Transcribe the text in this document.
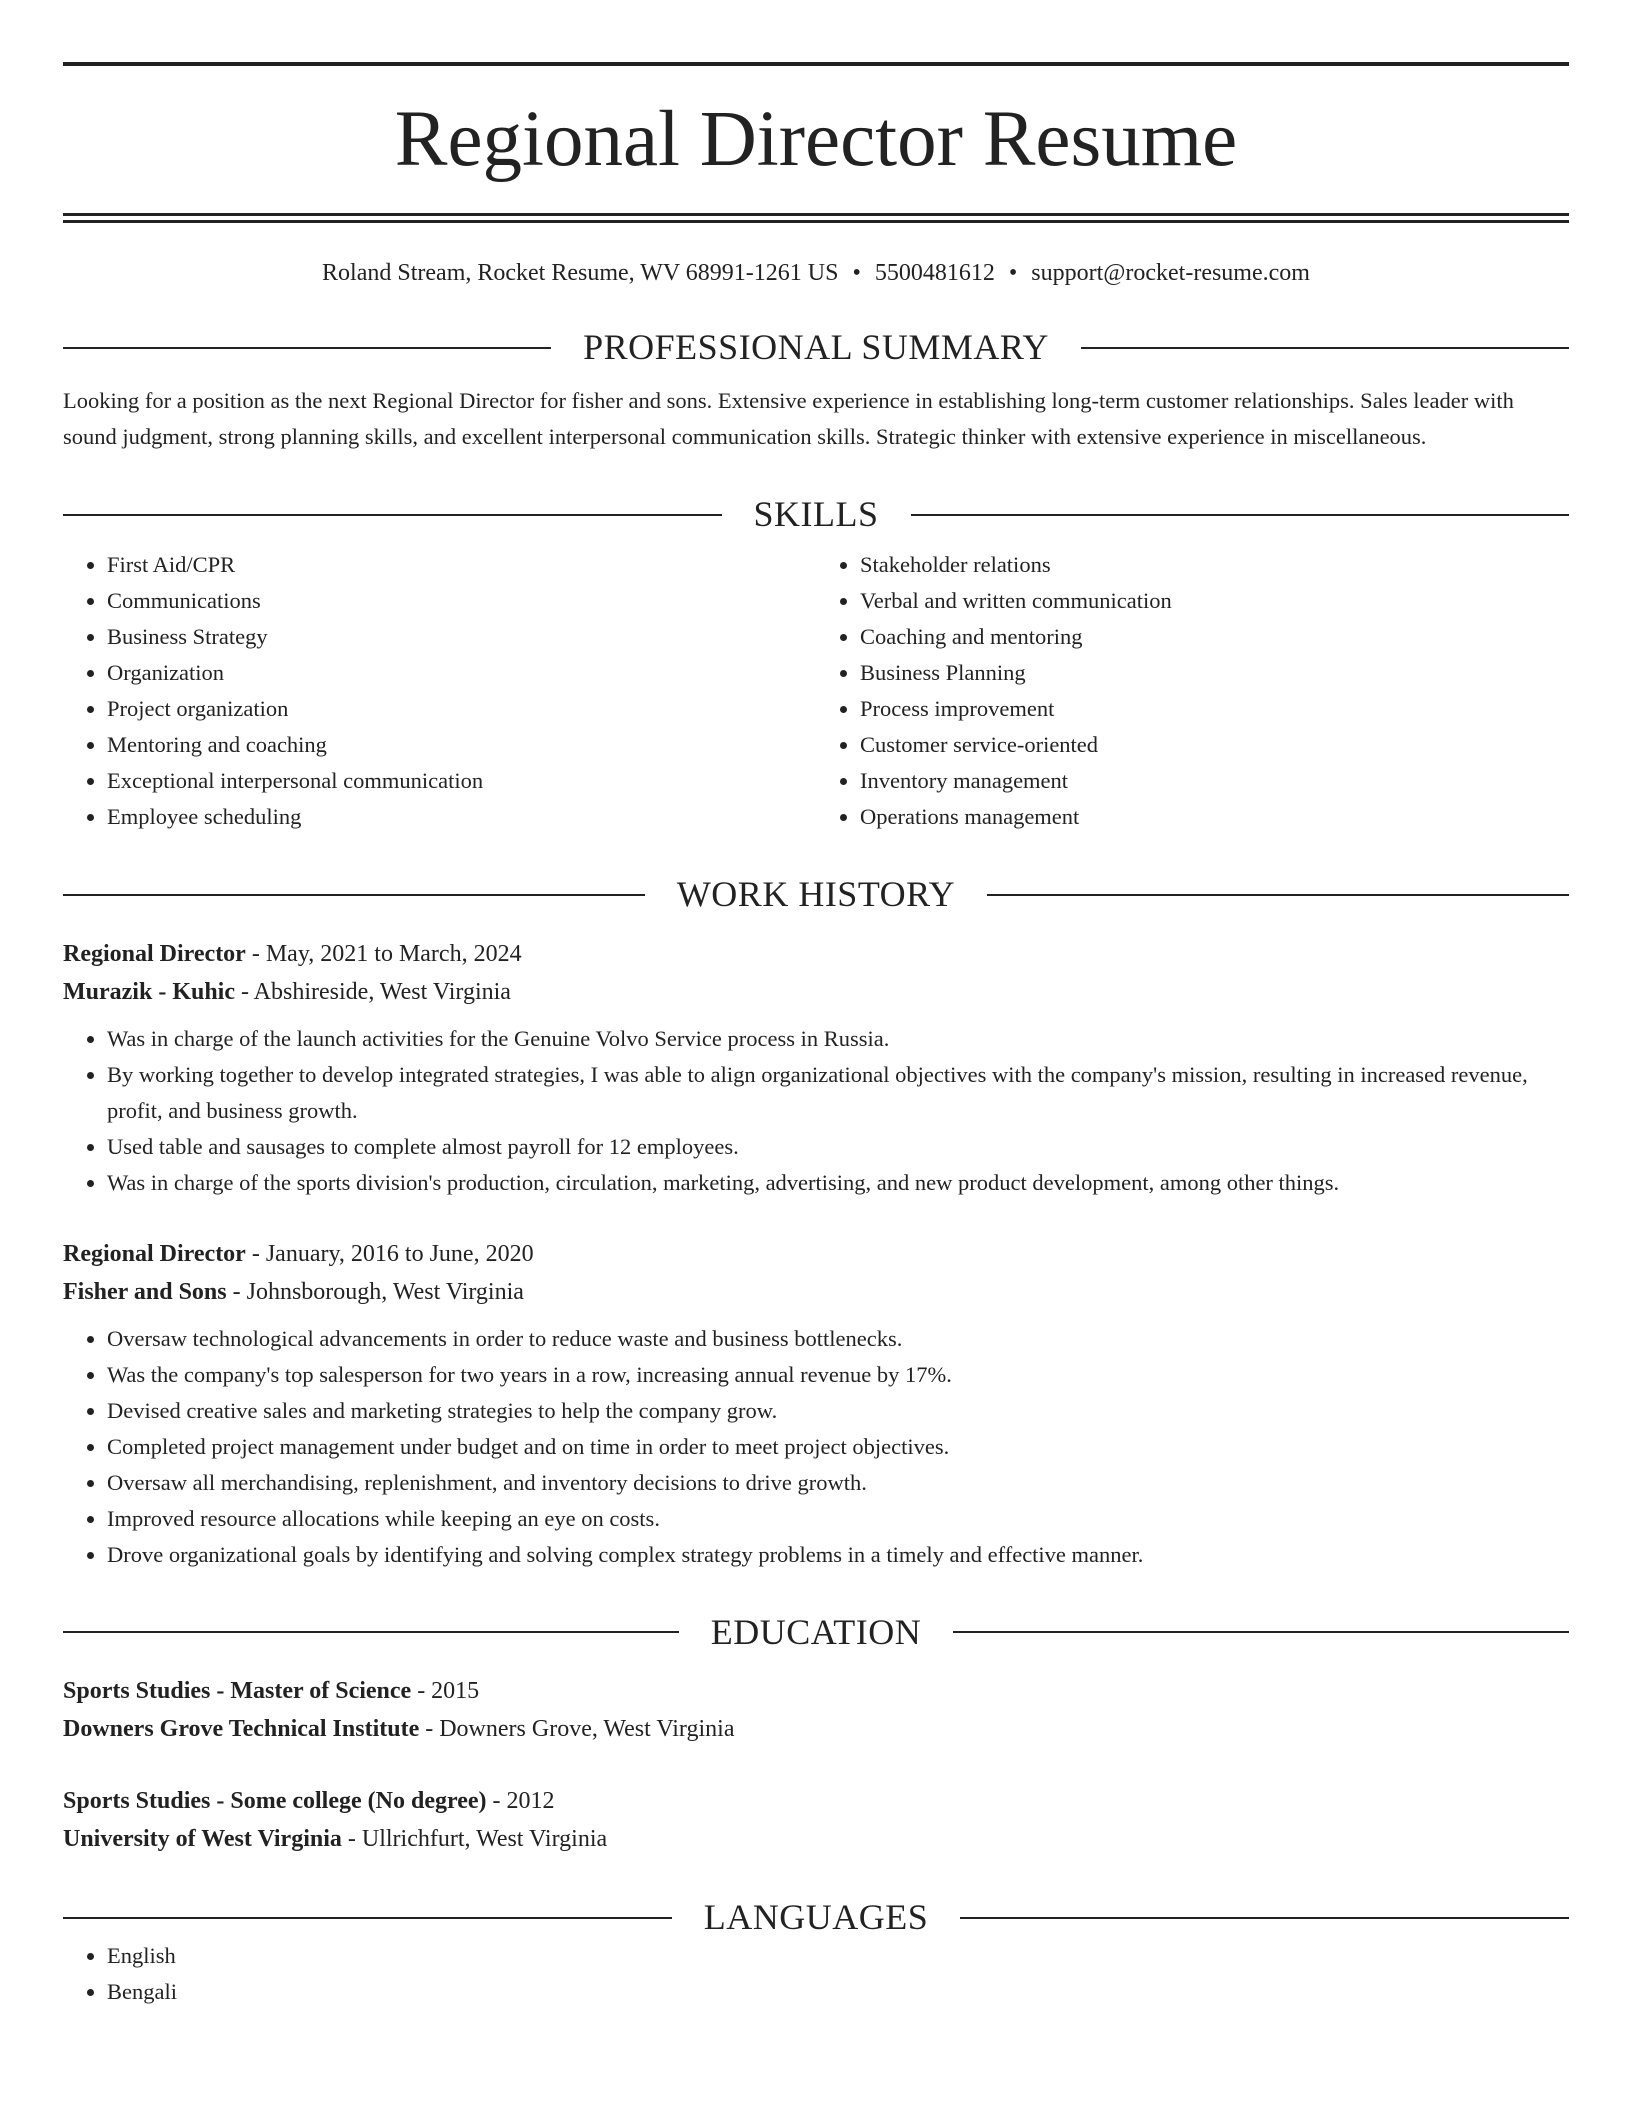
Regional Director Resume
Roland Stream, Rocket Resume, WV 68991-1261 US • 5500481612 • support@rocket-resume.com
PROFESSIONAL SUMMARY
Looking for a position as the next Regional Director for fisher and sons. Extensive experience in establishing long-term customer relationships. Sales leader with sound judgment, strong planning skills, and excellent interpersonal communication skills. Strategic thinker with extensive experience in miscellaneous.
SKILLS
• First Aid/CPR
• Communications
• Business Strategy
• Organization
• Project organization
• Mentoring and coaching
• Exceptional interpersonal communication
• Employee scheduling
• Stakeholder relations
• Verbal and written communication
• Coaching and mentoring
• Business Planning
• Process improvement
• Customer service-oriented
• Inventory management
• Operations management
WORK HISTORY
Regional Director - May, 2021 to March, 2024
Murazik - Kuhic - Abshireside, West Virginia
• Was in charge of the launch activities for the Genuine Volvo Service process in Russia.
• By working together to develop integrated strategies, I was able to align organizational objectives with the company's mission, resulting in increased revenue, profit, and business growth.
• Used table and sausages to complete almost payroll for 12 employees.
• Was in charge of the sports division's production, circulation, marketing, advertising, and new product development, among other things.
Regional Director - January, 2016 to June, 2020
Fisher and Sons - Johnsborough, West Virginia
• Oversaw technological advancements in order to reduce waste and business bottlenecks.
• Was the company's top salesperson for two years in a row, increasing annual revenue by 17%.
• Devised creative sales and marketing strategies to help the company grow.
• Completed project management under budget and on time in order to meet project objectives.
• Oversaw all merchandising, replenishment, and inventory decisions to drive growth.
• Improved resource allocations while keeping an eye on costs.
• Drove organizational goals by identifying and solving complex strategy problems in a timely and effective manner.
EDUCATION
Sports Studies - Master of Science - 2015
Downers Grove Technical Institute - Downers Grove, West Virginia
Sports Studies - Some college (No degree) - 2012
University of West Virginia - Ullrichfurt, West Virginia
LANGUAGES
• English
• Bengali
